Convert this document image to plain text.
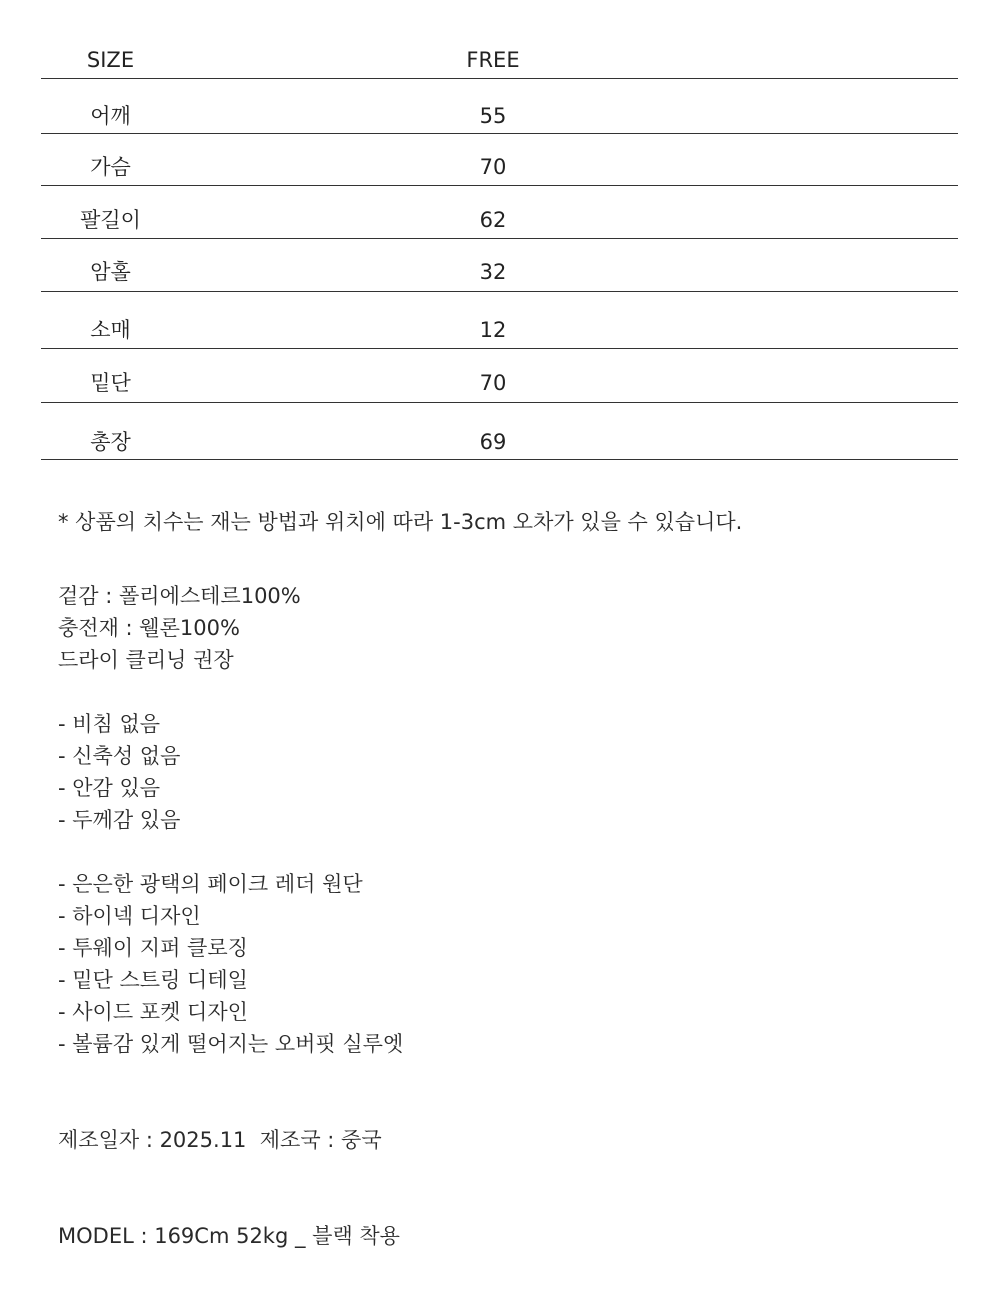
SIZE	FREE
어깨	55
가슴	70
팔길이	62
암홀	32
소매	12
밑단	70
총장	69
* 상품의 치수는 재는 방법과 위치에 따라 1-3cm 오차가 있을 수 있습니다.
겉감 : 폴리에스테르100%
충전재 : 웰론100%
드라이 클리닝 권장
- 비침 없음
- 신축성 없음
- 안감 있음
- 두께감 있음
- 은은한 광택의 페이크 레더 원단
- 하이넥 디자인
- 투웨이 지퍼 클로징
- 밑단 스트링 디테일
- 사이드 포켓 디자인
- 볼륨감 있게 떨어지는 오버핏 실루엣
제조일자 : 2025.11  제조국 : 중국
MODEL : 169Cm 52kg _ 블랙 착용
